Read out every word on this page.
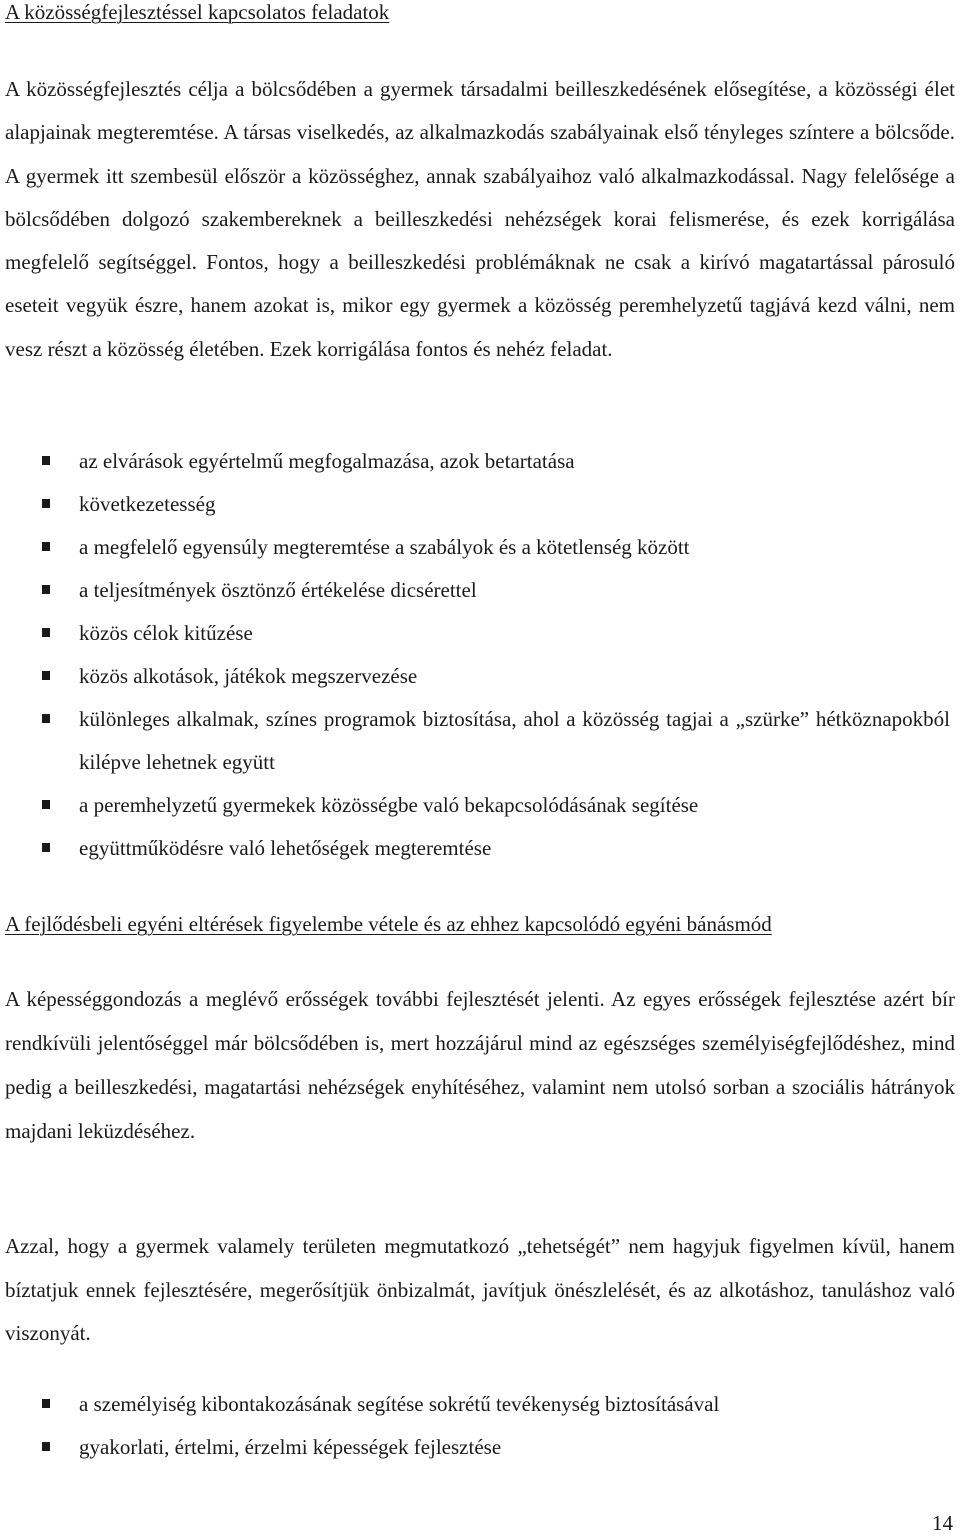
A közösségfejlesztéssel kapcsolatos feladatok

A közösségfejlesztés célja a bölcsődében a gyermek társadalmi beilleszkedésének elősegítése, a közösségi élet alapjainak megteremtése. A társas viselkedés, az alkalmazkodás szabályainak első tényleges színtere a bölcsőde. A gyermek itt szembesül először a közösséghez, annak szabályaihoz való alkalmazkodással. Nagy felelősége a bölcsődében dolgozó szakembereknek a beilleszkedési nehézségek korai felismerése, és ezek korrigálása megfelelő segítséggel. Fontos, hogy a beilleszkedési problémáknak ne csak a kirívó magatartással párosuló eseteit vegyük észre, hanem azokat is, mikor egy gyermek a közösség peremhelyzetű tagjává kezd válni, nem vesz részt a közösség életében. Ezek korrigálása fontos és nehéz feladat.

az elvárások egyértelmű megfogalmazása, azok betartatása
következetesség
a megfelelő egyensúly megteremtése a szabályok és a kötetlenség között
a teljesítmények ösztönző értékelése dicsérettel
közös célok kitűzése
közös alkotások, játékok megszervezése
különleges alkalmak, színes programok biztosítása, ahol a közösség tagjai a „szürke” hétköznapokból kilépve lehetnek együtt
a peremhelyzetű gyermekek közösségbe való bekapcsolódásának segítése
együttműködésre való lehetőségek megteremtése
A fejlődésbeli egyéni eltérések figyelembe vétele és az ehhez kapcsolódó egyéni bánásmód

A képességgondozás a meglévő erősségek további fejlesztését jelenti. Az egyes erősségek fejlesztése azért bír rendkívüli jelentőséggel már bölcsődében is, mert hozzájárul mind az egészséges személyiségfejlődéshez, mind pedig a beilleszkedési, magatartási nehézségek enyhítéséhez, valamint nem utolsó sorban a szociális hátrányok majdani leküzdéséhez.

Azzal, hogy a gyermek valamely területen megmutatkozó „tehetségét” nem hagyjuk figyelmen kívül, hanem bíztatjuk ennek fejlesztésére, megerősítjük önbizalmát, javítjuk önészlelését, és az alkotáshoz, tanuláshoz való viszonyát.

a személyiség kibontakozásának segítése sokrétű tevékenység biztosításával
gyakorlati, értelmi, érzelmi képességek fejlesztése
14
